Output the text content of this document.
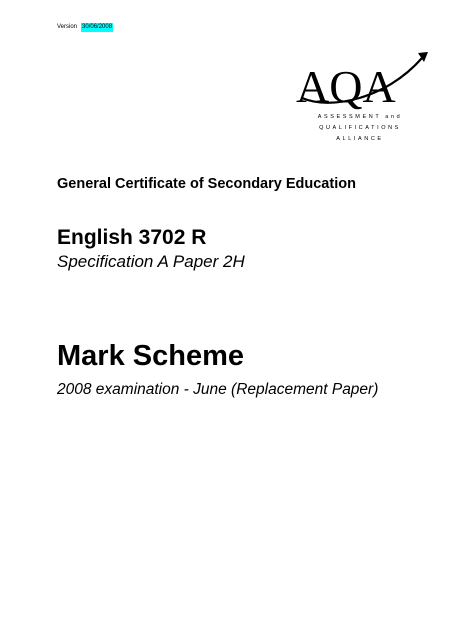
Version 30/06/2008
AQA
ASSESSMENT and
QUALIFICATIONS
ALLIANCE
General Certificate of Secondary Education
English 3702 R
Specification A Paper 2H
Mark Scheme
2008 examination - June (Replacement Paper)
